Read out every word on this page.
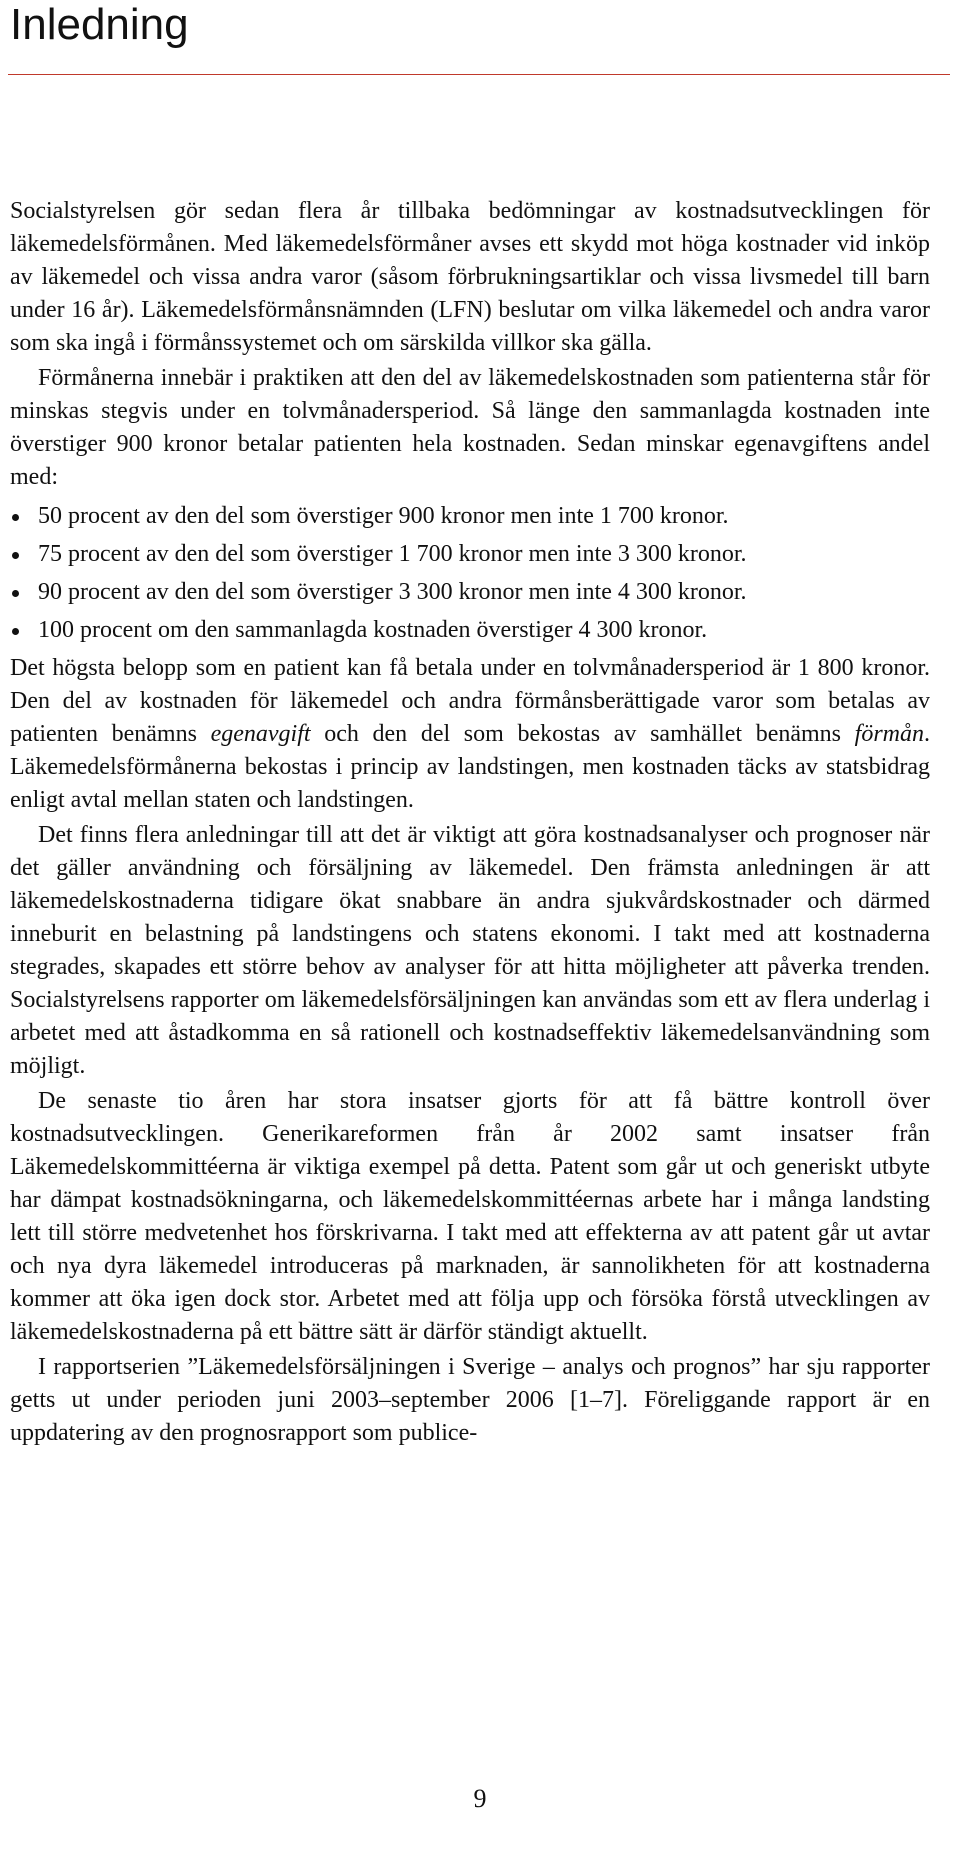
Inledning

Socialstyrelsen gör sedan flera år tillbaka bedömningar av kostnadsutvecklingen för läkemedelsförmånen. Med läkemedelsförmåner avses ett skydd mot höga kostnader vid inköp av läkemedel och vissa andra varor (såsom förbrukningsartiklar och vissa livsmedel till barn under 16 år). Läkemedelsförmånsnämnden (LFN) beslutar om vilka läkemedel och andra varor som ska ingå i förmånssystemet och om särskilda villkor ska gälla.

Förmånerna innebär i praktiken att den del av läkemedelskostnaden som patienterna står för minskas stegvis under en tolvmånadersperiod. Så länge den sammanlagda kostnaden inte överstiger 900 kronor betalar patienten hela kostnaden. Sedan minskar egenavgiftens andel med:

50 procent av den del som överstiger 900 kronor men inte 1 700 kronor.
75 procent av den del som överstiger 1 700 kronor men inte 3 300 kronor.
90 procent av den del som överstiger 3 300 kronor men inte 4 300 kronor.
100 procent om den sammanlagda kostnaden överstiger 4 300 kronor.

Det högsta belopp som en patient kan få betala under en tolvmånadersperiod är 1 800 kronor. Den del av kostnaden för läkemedel och andra förmånsberättigade varor som betalas av patienten benämns egenavgift och den del som bekostas av samhället benämns förmån. Läkemedelsförmånerna bekostas i princip av landstingen, men kostnaden täcks av statsbidrag enligt avtal mellan staten och landstingen.

Det finns flera anledningar till att det är viktigt att göra kostnadsanalyser och prognoser när det gäller användning och försäljning av läkemedel. Den främsta anledningen är att läkemedelskostnaderna tidigare ökat snabbare än andra sjukvårdskostnader och därmed inneburit en belastning på landstingens och statens ekonomi. I takt med att kostnaderna stegrades, skapades ett större behov av analyser för att hitta möjligheter att påverka trenden. Socialstyrelsens rapporter om läkemedelsförsäljningen kan användas som ett av flera underlag i arbetet med att åstadkomma en så rationell och kostnadseffektiv läkemedelsanvändning som möjligt.

De senaste tio åren har stora insatser gjorts för att få bättre kontroll över kostnadsutvecklingen. Generikareformen från år 2002 samt insatser från Läkemedelskommittéerna är viktiga exempel på detta. Patent som går ut och generiskt utbyte har dämpat kostnadsökningarna, och läkemedelskommittéernas arbete har i många landsting lett till större medvetenhet hos förskrivarna. I takt med att effekterna av att patent går ut avtar och nya dyra läkemedel introduceras på marknaden, är sannolikheten för att kostnaderna kommer att öka igen dock stor. Arbetet med att följa upp och försöka förstå utvecklingen av läkemedelskostnaderna på ett bättre sätt är därför ständigt aktuellt.

I rapportserien ”Läkemedelsförsäljningen i Sverige – analys och prognos” har sju rapporter getts ut under perioden juni 2003–september 2006 [1–7]. Föreliggande rapport är en uppdatering av den prognosrapport som publice-

9
